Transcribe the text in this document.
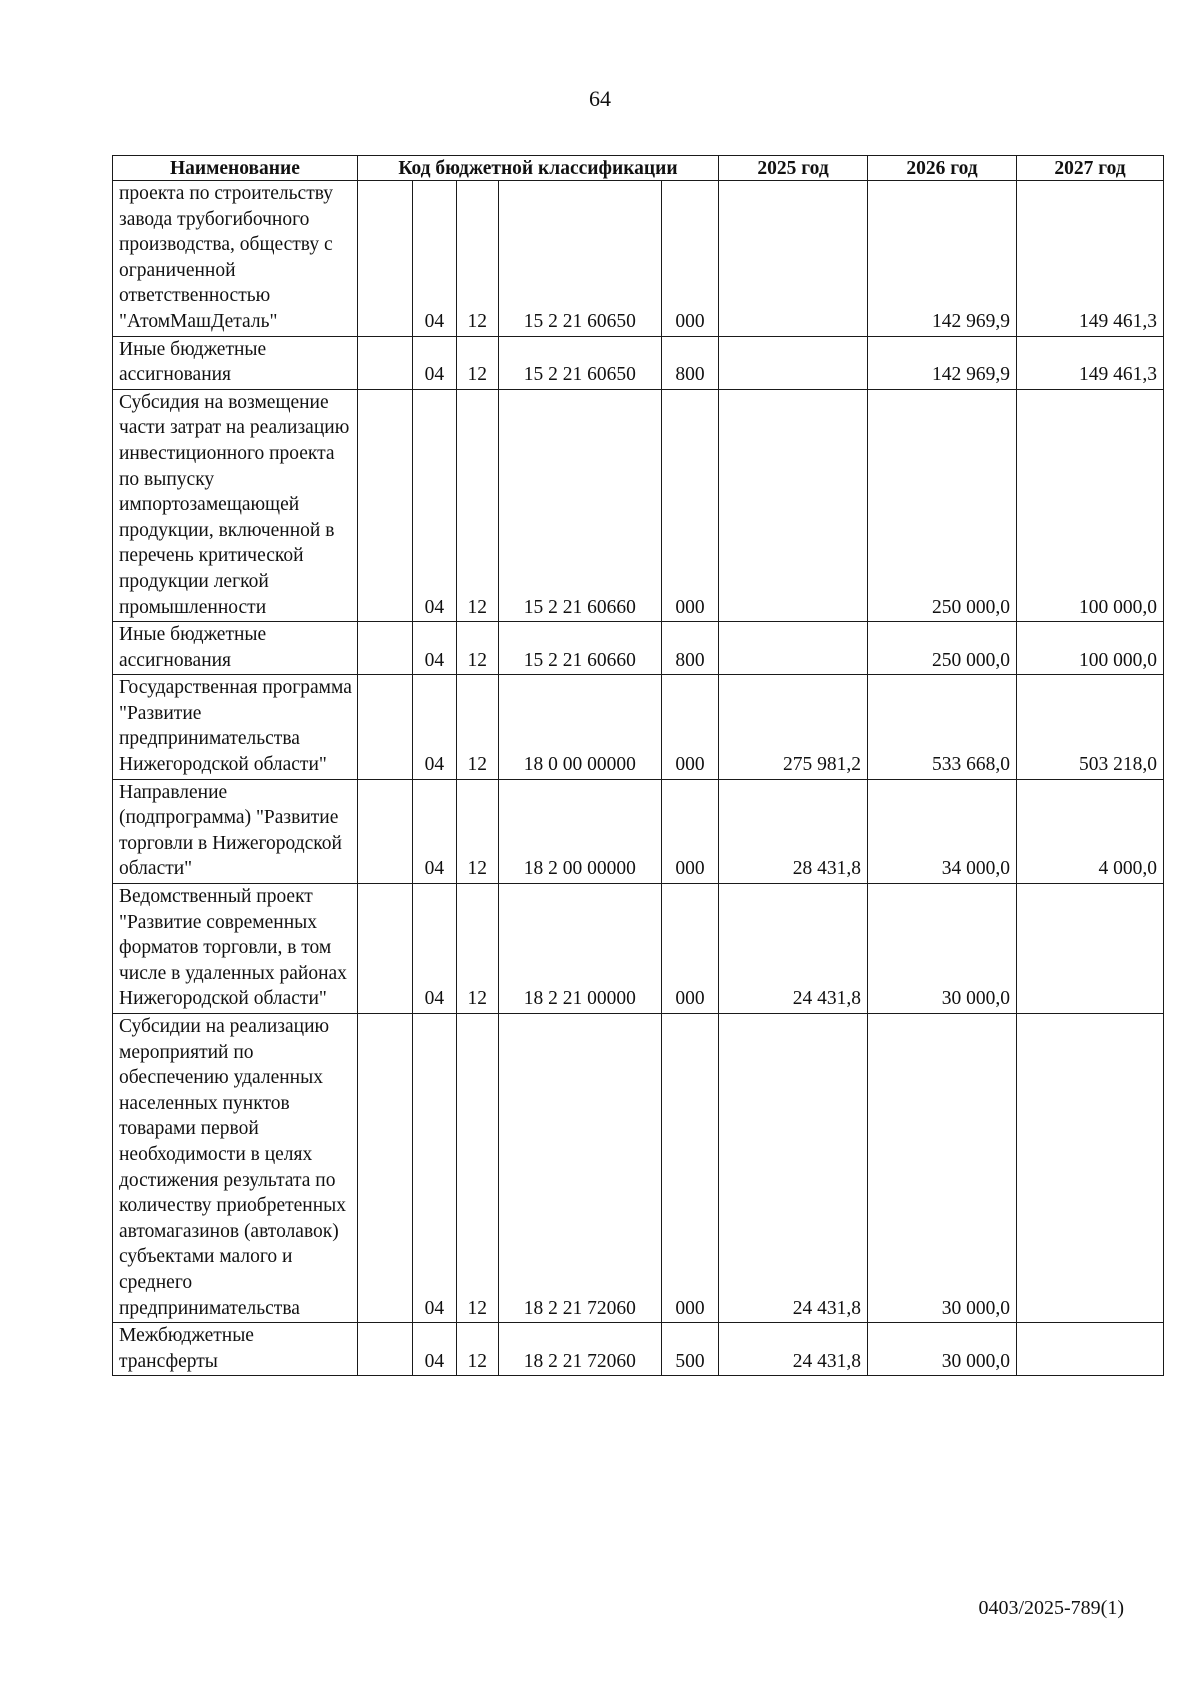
64
Наименование	Код бюджетной классификации					2025 год	2026 год	2027 год
проекта по строительству завода трубогибочного производства, обществу с ограниченной ответственностью "АтомМашДеталь"		04	12	15 2 21 60650	000		142 969,9	149 461,3
Иные бюджетные ассигнования		04	12	15 2 21 60650	800		142 969,9	149 461,3
Субсидия на возмещение части затрат на реализацию инвестиционного проекта по выпуску импортозамещающей продукции, включенной в перечень критической продукции легкой промышленности		04	12	15 2 21 60660	000		250 000,0	100 000,0
Иные бюджетные ассигнования		04	12	15 2 21 60660	800		250 000,0	100 000,0
Государственная программа "Развитие предпринимательства Нижегородской области"		04	12	18 0 00 00000	000	275 981,2	533 668,0	503 218,0
Направление (подпрограмма) "Развитие торговли в Нижегородской области"		04	12	18 2 00 00000	000	28 431,8	34 000,0	4 000,0
Ведомственный проект "Развитие современных форматов торговли, в том числе в удаленных районах Нижегородской области"		04	12	18 2 21 00000	000	24 431,8	30 000,0	
Субсидии на реализацию мероприятий по обеспечению удаленных населенных пунктов товарами первой необходимости в целях достижения результата по количеству приобретенных автомагазинов (автолавок) субъектами малого и среднего предпринимательства		04	12	18 2 21 72060	000	24 431,8	30 000,0	
Межбюджетные трансферты		04	12	18 2 21 72060	500	24 431,8	30 000,0	
0403/2025-789(1)
